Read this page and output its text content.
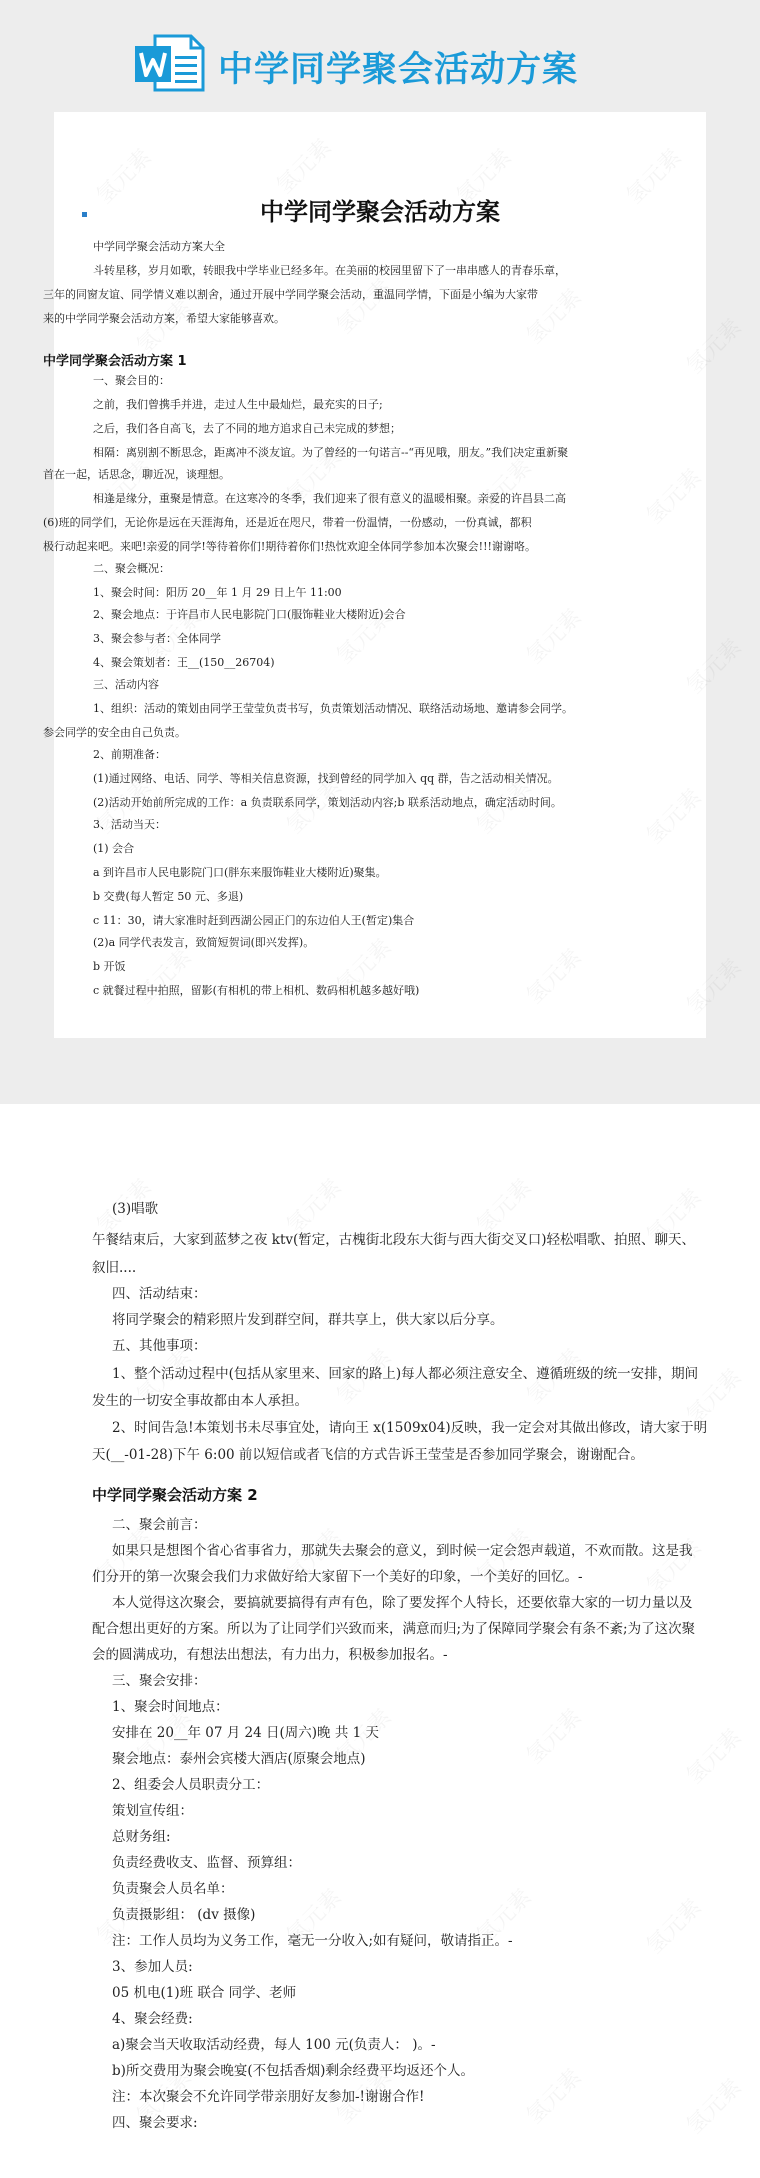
中学同学聚会活动方案
中学同学聚会活动方案
中学同学聚会活动方案大全
斗转星移，岁月如歌，转眼我中学毕业已经多年。在美丽的校园里留下了一串串感人的青春乐章，
三年的同窗友谊、同学情义难以割舍，通过开展中学同学聚会活动，重温同学情，下面是小编为大家带
来的中学同学聚会活动方案，希望大家能够喜欢。
中学同学聚会活动方案 1
一、聚会目的：
之前，我们曾携手并进，走过人生中最灿烂，最充实的日子;
之后，我们各自高飞，去了不同的地方追求自己未完成的梦想；
相隔：离别割不断思念，距离冲不淡友谊。为了曾经的一句诺言--“再见哦，朋友。”我们决定重新聚
首在一起，话思念，聊近况，谈理想。
相逢是缘分，重聚是情意。在这寒冷的冬季，我们迎来了很有意义的温暖相聚。亲爱的许昌县二高
(6)班的同学们，无论你是远在天涯海角，还是近在咫尺，带着一份温情，一份感动，一份真诚，都积
极行动起来吧。来吧!亲爱的同学!等待着你们!期待着你们!热忱欢迎全体同学参加本次聚会!!!谢谢咯。
二、聚会概况：
1、聚会时间：阳历 20__年 1 月 29 日上午 11:00
2、聚会地点：于许昌市人民电影院门口(服饰鞋业大楼附近)会合
3、聚会参与者：全体同学
4、聚会策划者：王__(150__26704)
三、活动内容
1、组织：活动的策划由同学王莹莹负责书写，负责策划活动情况、联络活动场地、邀请参会同学。
参会同学的安全由自己负责。
2、前期准备：
(1)通过网络、电话、同学、等相关信息资源，找到曾经的同学加入 qq 群，告之活动相关情况。
(2)活动开始前所完成的工作：a 负责联系同学，策划活动内容;b 联系活动地点，确定活动时间。
3、活动当天：
(1) 会合
a 到许昌市人民电影院门口(胖东来服饰鞋业大楼附近)聚集。
b 交费(每人暂定 50 元、多退)
c 11：30，请大家准时赶到西湖公园正门的东边伯人王(暂定)集合
(2)a 同学代表发言，致简短贺词(即兴发挥)。
b 开饭
c 就餐过程中拍照，留影(有相机的带上相机、数码相机越多越好哦)
(3)唱歌
午餐结束后，大家到蓝梦之夜 ktv(暂定，古槐街北段东大街与西大街交叉口)轻松唱歌、拍照、聊天、
叙旧....
四、活动结束：
将同学聚会的精彩照片发到群空间，群共享上，供大家以后分享。
五、其他事项：
1、整个活动过程中(包括从家里来、回家的路上)每人都必须注意安全、遵循班级的统一安排，期间
发生的一切安全事故都由本人承担。
2、时间告急!本策划书未尽事宜处，请向王 x(1509x04)反映，我一定会对其做出修改，请大家于明
天(__-01-28)下午 6:00 前以短信或者飞信的方式告诉王莹莹是否参加同学聚会，谢谢配合。
中学同学聚会活动方案 2
二、聚会前言：
如果只是想图个省心省事省力，那就失去聚会的意义，到时候一定会怨声载道，不欢而散。这是我
们分开的第一次聚会我们力求做好给大家留下一个美好的印象，一个美好的回忆。-
本人觉得这次聚会，要搞就要搞得有声有色，除了要发挥个人特长，还要依靠大家的一切力量以及
配合想出更好的方案。所以为了让同学们兴致而来，满意而归;为了保障同学聚会有条不紊;为了这次聚
会的圆满成功，有想法出想法，有力出力，积极参加报名。-
三、聚会安排：
1、聚会时间地点：
安排在 20__年 07 月 24 日(周六)晚 共 1 天
聚会地点：泰州会宾楼大酒店(原聚会地点)
2、组委会人员职责分工：
策划宣传组：
总财务组:
负责经费收支、监督、预算组：
负责聚会人员名单：
负责摄影组： (dv 摄像)
注：工作人员均为义务工作，毫无一分收入;如有疑问，敬请指正。-
3、参加人员:
05 机电(1)班 联合 同学、老师
4、聚会经费:
a)聚会当天收取活动经费，每人 100 元(负责人： )。-
b)所交费用为聚会晚宴(不包括香烟)剩余经费平均返还个人。
注：本次聚会不允许同学带亲朋好友参加-!谢谢合作!
四、聚会要求:
